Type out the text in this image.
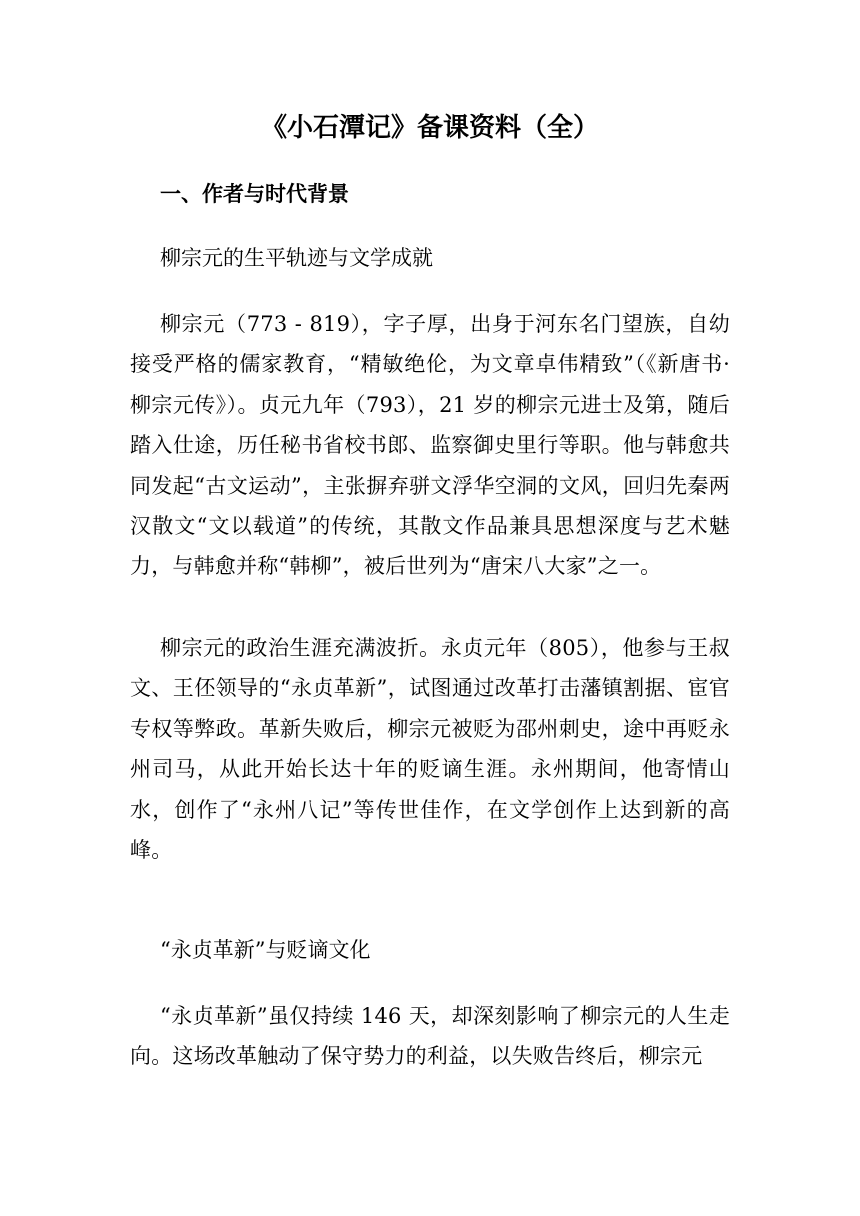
《小石潭记》备课资料（全）
一、作者与时代背景

柳宗元的生平轨迹与文学成就

柳宗元（773 - 819），字子厚，出身于河东名门望族，自幼接受严格的儒家教育，“精敏绝伦，为文章卓伟精致”（《新唐书·柳宗元传》）。贞元九年（793），21 岁的柳宗元进士及第，随后踏入仕途，历任秘书省校书郎、监察御史里行等职。他与韩愈共同发起“古文运动”，主张摒弃骈文浮华空洞的文风，回归先秦两汉散文“文以载道”的传统，其散文作品兼具思想深度与艺术魅力，与韩愈并称“韩柳”，被后世列为“唐宋八大家”之一。

柳宗元的政治生涯充满波折。永贞元年（805），他参与王叔文、王伾领导的“永贞革新”，试图通过改革打击藩镇割据、宦官专权等弊政。革新失败后，柳宗元被贬为邵州刺史，途中再贬永州司马，从此开始长达十年的贬谪生涯。永州期间，他寄情山水，创作了“永州八记”等传世佳作，在文学创作上达到新的高峰。

“永贞革新”与贬谪文化

“永贞革新”虽仅持续 146 天，却深刻影响了柳宗元的人生走向。这场改革触动了保守势力的利益，以失败告终后，柳宗元
